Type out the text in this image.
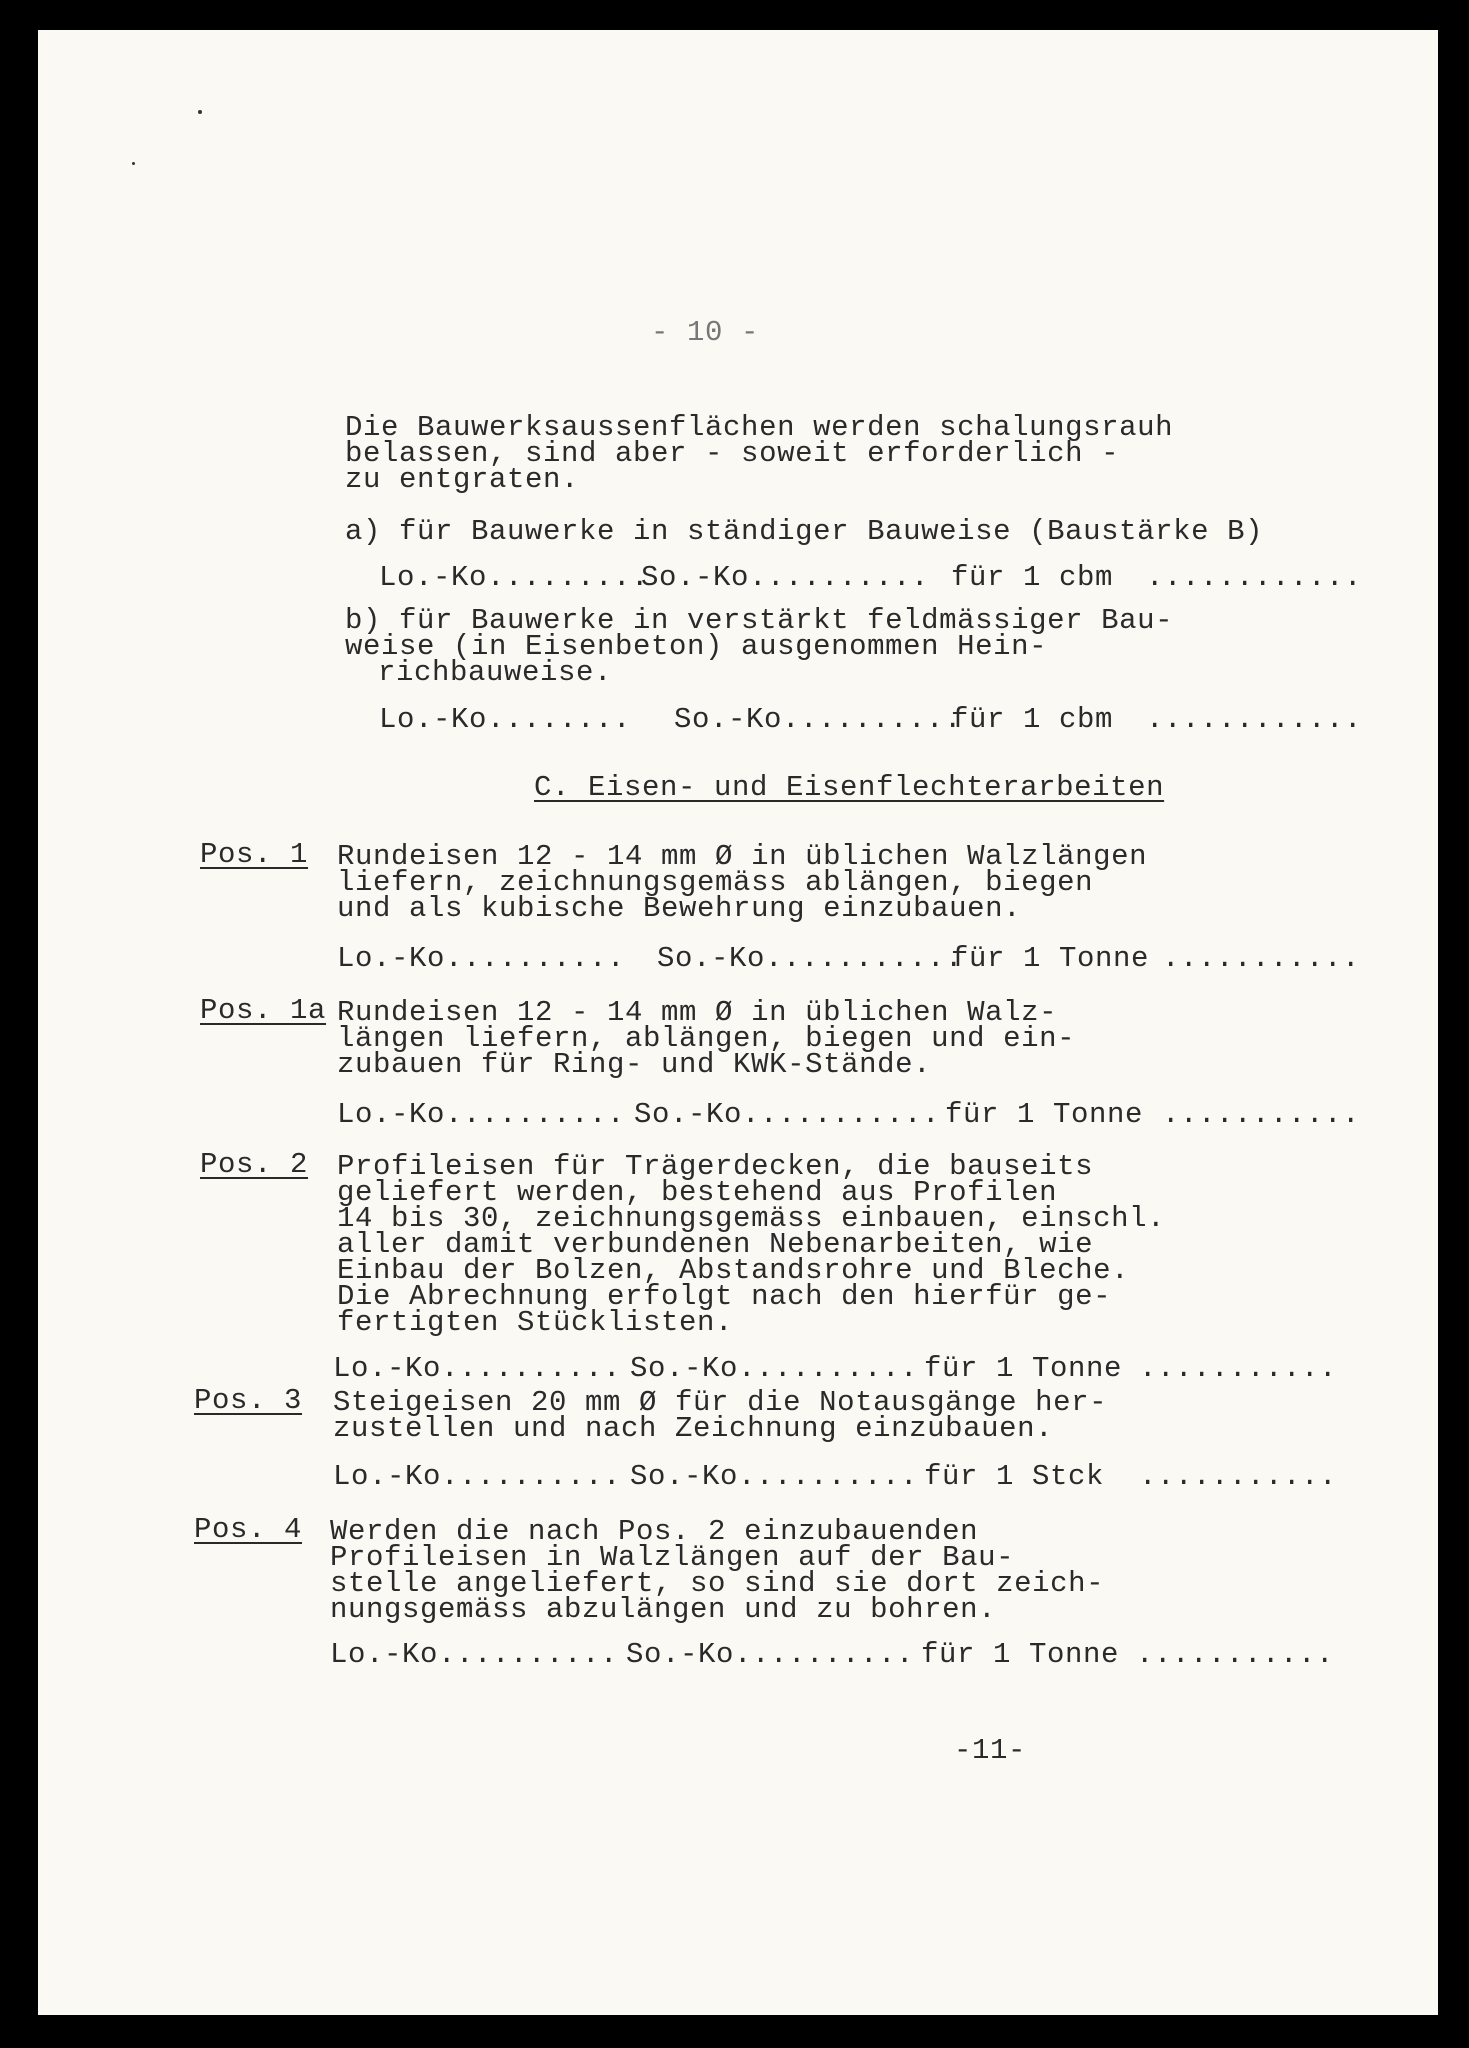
- 10 -
Die Bauwerksaussenflächen werden schalungsrauh
belassen, sind aber - soweit erforderlich -
zu entgraten.
a) für Bauwerke in ständiger Bauweise (Baustärke B)
Lo.-Ko.........
So.-Ko.......... für 1 cbm ............
b) für Bauwerke in verstärkt feldmässiger Bau-
weise (in Eisenbeton) ausgenommen Hein-
richbauweise.
Lo.-Ko........ So.-Ko..........
für 1 cbm ............
C. Eisen- und Eisenflechterarbeiten
Pos. 1 Rundeisen 12 - 14 mm Ø in üblichen Walzlängen
liefern, zeichnungsgemäss ablängen, biegen
und als kubische Bewehrung einzubauen.
Lo.-Ko.......... So.-Ko...........
für 1 Tonne ...........
Pos. 1a Rundeisen 12 - 14 mm Ø in üblichen Walz-
längen liefern, ablängen, biegen und ein-
zubauen für Ring- und KWK-Stände.
Lo.-Ko.......... So.-Ko........... für 1 Tonne ...........
Pos. 2 Profileisen für Trägerdecken, die bauseits
geliefert werden, bestehend aus Profilen
14 bis 30, zeichnungsgemäss einbauen, einschl.
aller damit verbundenen Nebenarbeiten, wie
Einbau der Bolzen, Abstandsrohre und Bleche.
Die Abrechnung erfolgt nach den hierfür ge-
fertigten Stücklisten.
Lo.-Ko.......... So.-Ko.......... für 1 Tonne ...........
Pos. 3 Steigeisen 20 mm Ø für die Notausgänge her-
zustellen und nach Zeichnung einzubauen.
Lo.-Ko.......... So.-Ko.......... für 1 Stck ...........
Pos. 4 Werden die nach Pos. 2 einzubauenden
Profileisen in Walzlängen auf der Bau-
stelle angeliefert, so sind sie dort zeich-
nungsgemäss abzulängen und zu bohren.
Lo.-Ko.......... So.-Ko.......... für 1 Tonne ...........
-11-
